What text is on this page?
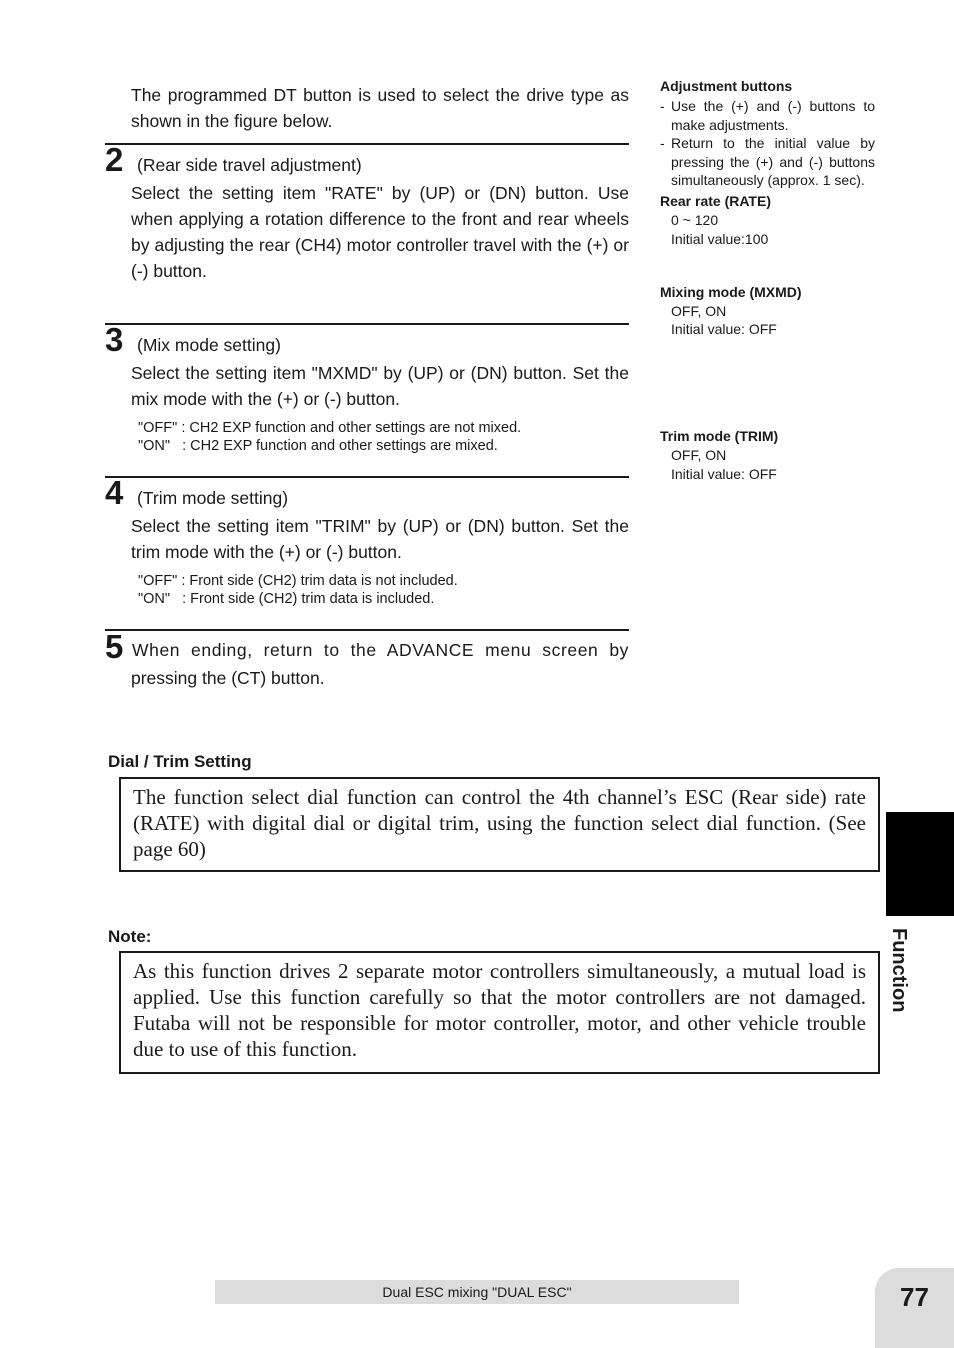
The programmed DT button is used to select the drive type as shown in the figure below.
2 (Rear side travel adjustment)
Select the setting item "RATE" by (UP) or (DN) button. Use when applying a rotation difference to the front and rear wheels by adjusting the rear (CH4) motor controller travel with the (+) or (-) button.
3 (Mix mode setting)
Select the setting item "MXMD" by (UP) or (DN) button. Set the mix mode with the (+) or (-) button.
"OFF" : CH2 EXP function and other settings are not mixed.
"ON"   : CH2 EXP function and other settings are mixed.
4 (Trim mode setting)
Select the setting item "TRIM" by (UP) or (DN) button. Set the trim mode with the (+) or (-) button.
"OFF" : Front side (CH2) trim data is not included.
"ON"   : Front side (CH2) trim data is included.
5 When ending, return to the ADVANCE menu screen by
pressing the (CT) button.
Adjustment buttons
- Use the (+) and (-) buttons to make adjustments.
- Return to the initial value by pressing the (+) and (-) buttons simultaneously (approx. 1 sec).
Rear rate (RATE)
0 ~ 120
Initial value:100
Mixing mode (MXMD)
OFF, ON
Initial value: OFF
Trim mode (TRIM)
OFF, ON
Initial value: OFF
Dial / Trim Setting
The function select dial function can control the 4th channel’s ESC (Rear side) rate (RATE) with digital dial or digital trim, using the function select dial function. (See page 60)
Note:
As this function drives 2 separate motor controllers simultaneously, a mutual load is applied. Use this function carefully so that the motor controllers are not damaged. Futaba will not be responsible for motor controller, motor, and other vehicle trouble due to use of this function.
Function
Dual ESC mixing "DUAL ESC"	77
